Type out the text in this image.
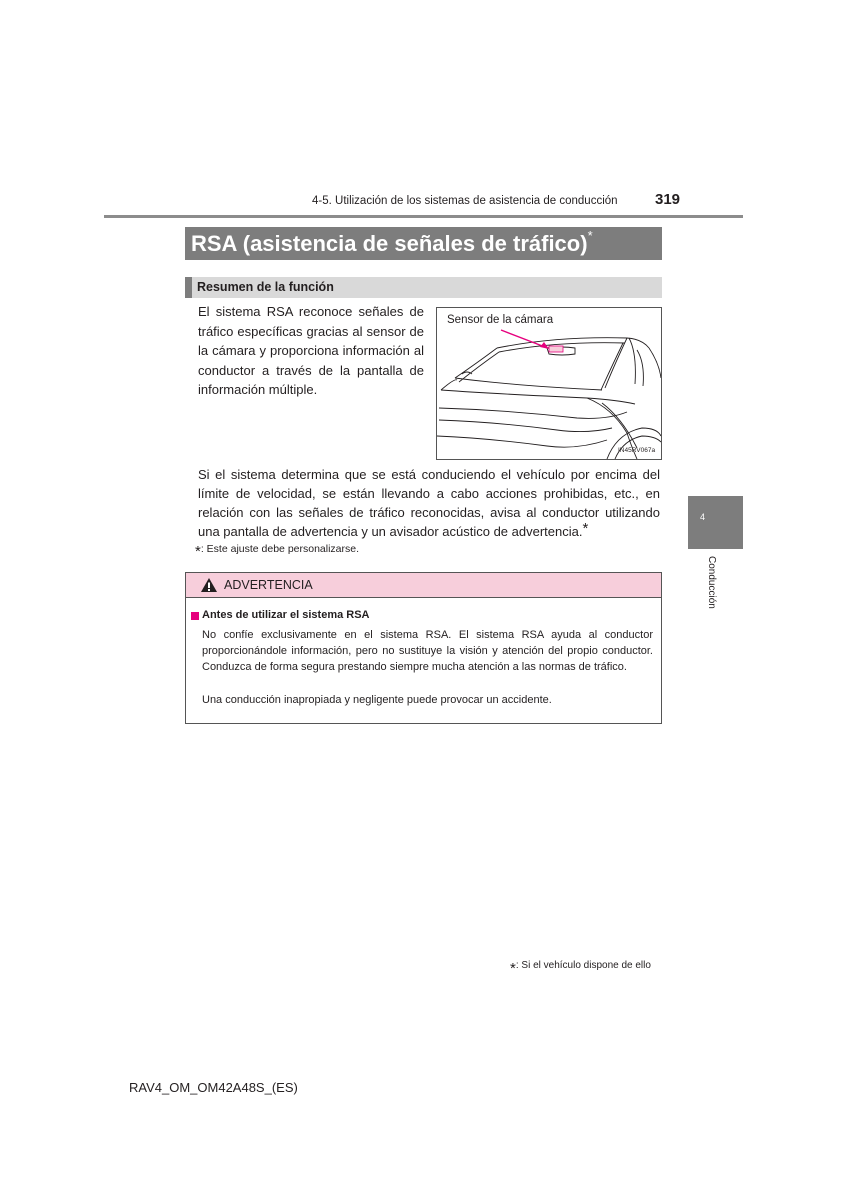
4-5. Utilización de los sistemas de asistencia de conducción 319
RSA (asistencia de señales de tráfico)*
Resumen de la función
El sistema RSA reconoce señales de tráfico específicas gracias al sensor de la cámara y proporciona información al conductor a través de la pantalla de información múltiple.
Sensor de la cámara
IN45RV067a
Si el sistema determina que se está conduciendo el vehículo por encima del límite de velocidad, se están llevando a cabo acciones prohibidas, etc., en relación con las señales de tráfico reconocidas, avisa al conductor utilizando una pantalla de advertencia y un avisador acústico de advertencia.*
*: Este ajuste debe personalizarse.
ADVERTENCIA
Antes de utilizar el sistema RSA
No confíe exclusivamente en el sistema RSA. El sistema RSA ayuda al conductor proporcionándole información, pero no sustituye la visión y atención del propio conductor. Conduzca de forma segura prestando siempre mucha atención a las normas de tráfico.
Una conducción inapropiada y negligente puede provocar un accidente.
4
Conducción
*: Si el vehículo dispone de ello
RAV4_OM_OM42A48S_(ES)
